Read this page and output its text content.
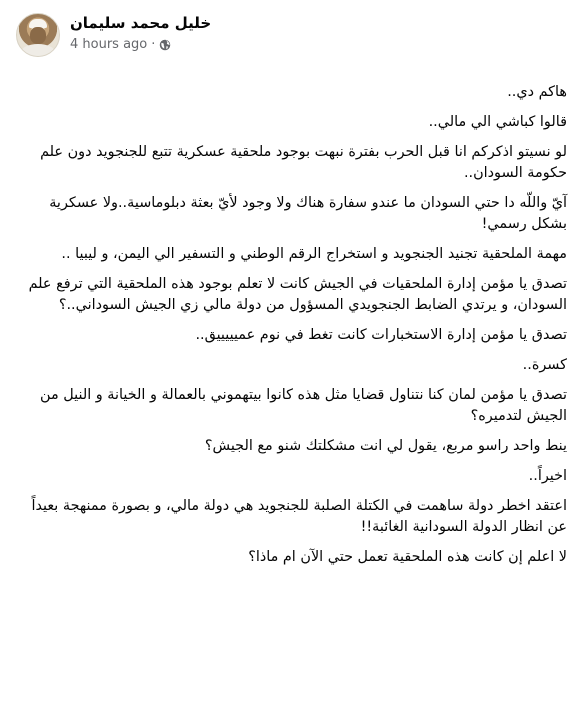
خليل محمد سليمان
4 hours ago ·

هاكم دي..

قالوا كباشي الي مالي..

لو نسيتو اذكركم انا قبل الحرب بفترة نبهت بوجود ملحقية عسكرية تتبع للجنجويد دون علم حكومة السودان..

آيّ واللّه دا حتي السودان ما عندو سفارة هناك ولا وجود لأيّ بعثة دبلوماسية..ولا عسكرية بشكل رسمي!

مهمة الملحقية تجنيد الجنجويد و استخراج الرقم الوطني و التسفير الي اليمن، و ليبيا ..

تصدق يا مؤمن إدارة الملحقيات في الجيش كانت لا تعلم بوجود هذه الملحقية التي ترفع علم السودان، و يرتدي الضابط الجنجويدي المسؤول من دولة مالي زي الجيش السوداني..؟

تصدق يا مؤمن إدارة الاستخبارات كانت تغط في نوم عميييييق..

كسرة..

تصدق يا مؤمن لمان كنا نتناول قضايا مثل هذه كانوا بيتهموني بالعمالة و الخيانة و النيل من الجيش لتدميره؟

ينط واحد راسو مربع، يقول لي انت مشكلتك شنو مع الجيش؟

اخيراً..

اعتقد اخطر دولة ساهمت في الكتلة الصلبة للجنجويد هي دولة مالي، و بصورة ممنهجة بعيداً عن انظار الدولة السودانية الغائبة!!

لا اعلم إن كانت هذه الملحقية تعمل حتي الآن ام ماذا؟
